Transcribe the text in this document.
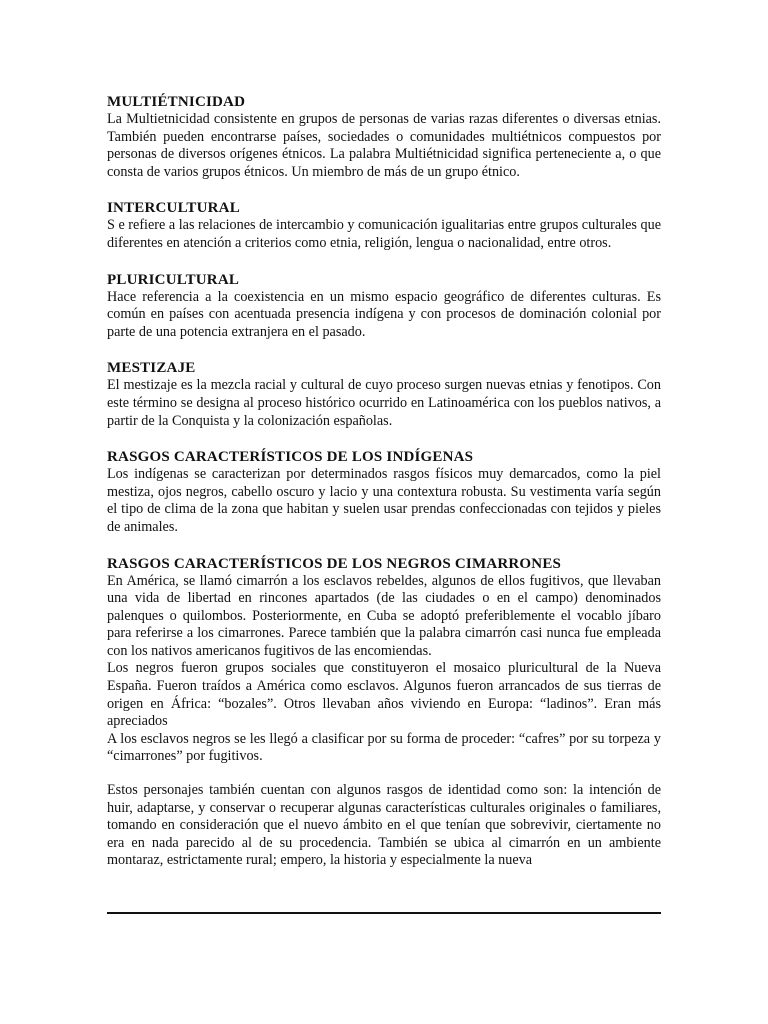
MULTIÉTNICIDAD

La Multietnicidad consistente en grupos de personas de varias razas diferentes o diversas etnias. También pueden encontrarse países, sociedades o comunidades multiétnicos compuestos por personas de diversos orígenes étnicos. La palabra Multiétnicidad significa perteneciente a, o que consta de varios grupos étnicos. Un miembro de más de un grupo étnico.

INTERCULTURAL

S e refiere a las relaciones de intercambio y comunicación igualitarias entre grupos culturales que diferentes en atención a criterios como etnia, religión, lengua o nacionalidad, entre otros.

PLURICULTURAL

Hace referencia a la coexistencia en un mismo espacio geográfico de diferentes culturas. Es común en países con acentuada presencia indígena y con procesos de dominación colonial por parte de una potencia extranjera en el pasado.

MESTIZAJE

El mestizaje es la mezcla racial y cultural de cuyo proceso surgen nuevas etnias y fenotipos. Con este término se designa al proceso histórico ocurrido en Latinoamérica con los pueblos nativos, a partir de la Conquista y la colonización españolas.

RASGOS CARACTERÍSTICOS DE LOS INDÍGENAS

Los indígenas se caracterizan por determinados rasgos físicos muy demarcados, como la piel mestiza, ojos negros, cabello oscuro y lacio y una contextura robusta. Su vestimenta varía según el tipo de clima de la zona que habitan y suelen usar prendas confeccionadas con tejidos y pieles de animales.

RASGOS CARACTERÍSTICOS DE LOS NEGROS CIMARRONES

En América, se llamó cimarrón a los esclavos rebeldes, algunos de ellos fugitivos, que llevaban una vida de libertad en rincones apartados (de las ciudades o en el campo) denominados palenques o quilombos. Posteriormente, en Cuba se adoptó preferiblemente el vocablo jíbaro para referirse a los cimarrones. Parece también que la palabra cimarrón casi nunca fue empleada con los nativos americanos fugitivos de las encomiendas.

Los negros fueron grupos sociales que constituyeron el mosaico pluricultural de la Nueva España. Fueron traídos a América como esclavos. Algunos fueron arrancados de sus tierras de origen en África: “bozales”. Otros llevaban años viviendo en Europa: “ladinos”. Eran más apreciados

A los esclavos negros se les llegó a clasificar por su forma de proceder: “cafres” por su torpeza y “cimarrones” por fugitivos.

Estos personajes también cuentan con algunos rasgos de identidad como son: la intención de huir, adaptarse, y conservar o recuperar algunas características culturales originales o familiares, tomando en consideración que el nuevo ámbito en el que tenían que sobrevivir, ciertamente no era en nada parecido al de su procedencia. También se ubica al cimarrón en un ambiente montaraz, estrictamente rural; empero, la historia y especialmente la nueva
